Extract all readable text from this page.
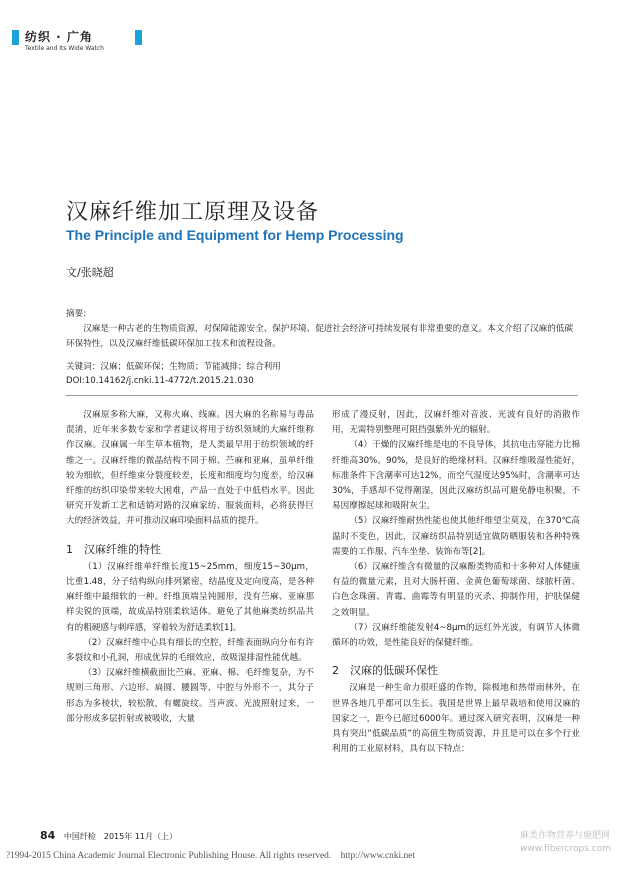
纺织 · 广角
Textile and Its Wide Watch
汉麻纤维加工原理及设备
The Principle and Equipment for Hemp Processing
文/张晓超
摘要:

汉麻是一种古老的生物质资源，对保障能源安全、保护环境、促进社会经济可持续发展有非常重要的意义。本文介绍了汉麻的低碳环保特性，以及汉麻纤维低碳环保加工技术和流程设备。

关键词：汉麻；低碳环保；生物质；节能减排；综合利用
DOI:10.14162/j.cnki.11-4772/t.2015.21.030

汉麻原多称大麻，又称火麻、线麻。因大麻的名称易与毒品混淆，近年来多数专家和学者建议将用于纺织领域的大麻纤维称作汉麻。汉麻属一年生草本植物，是人类最早用于纺织领域的纤维之一。汉麻纤维的微晶结构不同于棉、苎麻和亚麻，虽单纤维较为细软，但纤维束分裂度较差，长度和细度均匀度差，给汉麻纤维的纺织印染带来较大困难，产品一直处于中低档水平。因此研究开发新工艺和适销对路的汉麻家纺、服装面料，必将获得巨大的经济效益，并可推动汉麻印染面料品质的提升。

1　汉麻纤维的特性

（1）汉麻纤维单纤维长度15~25mm，细度15~30μm，比重1.48，分子结构纵向排列紧密，结晶度及定向度高，是各种麻纤维中最细软的一种。纤维顶端呈钝圆形，没有苎麻、亚麻那样尖锐的顶端，故成品特别柔软适体。避免了其他麻类纺织品共有的粗硬感与刺痒感，穿着较为舒适柔软[1]。

（2）汉麻纤维中心具有细长的空腔，纤维表面纵向分布有许多裂纹和小孔洞，形成优异的毛细效应，故吸湿排湿性能优越。

（3）汉麻纤维横截面比苎麻、亚麻、棉、毛纤维复杂，为不规则三角形、六边形、扁圆、腰圆等，中腔与外形不一，其分子形态为多棱状，较松散，有螺旋纹。当声波、光波照射过来，一部分形成多层折射或被吸收，大量

形成了漫反射，因此，汉麻纤维对音波、光波有良好的消散作用，无需特别整理可阻挡强紫外光的辐射。

（4）干燥的汉麻纤维是电的不良导体，其抗电击穿能力比棉纤维高30%。90%，是良好的绝缘材料。汉麻纤维吸湿性能好，标准条件下含潮率可达12%，而空气湿度达95%时，含潮率可达30%，手感却不觉得潮湿，因此汉麻纺织品可避免静电积聚，不易因摩擦起球和吸附灰尘。

（5）汉麻纤维耐热性能也使其他纤维望尘莫及，在370℃高温时不变色，因此，汉麻纺织品特别适宜做防晒服装和各种特殊需要的工作服、汽车坐垫、装饰布等[2]。

（6）汉麻纤维含有微量的汉麻酚类物质和十多种对人体健康有益的微量元素，且对大肠杆菌、金黄色葡萄球菌、绿脓杆菌、白色念珠菌、青霉、曲霉等有明显的灭杀、抑制作用，护肤保健之效明显。

（7）汉麻纤维能发射4~8μm的远红外光波，有调节人体微循环的功效，是性能良好的保健纤维。

2　汉麻的低碳环保性

汉麻是一种生命力很旺盛的作物，除极地和热带雨林外，在世界各地几乎都可以生长。我国是世界上最早栽培和使用汉麻的国家之一，距今已超过6000年。通过深入研究表明，汉麻是一种具有突出“低碳品质”的高值生物质资源，并且是可以在多个行业利用的工业原材料，具有以下特点：

84 中国纤检　2015年 11月（上）	麻类作物营养与施肥网
www.fibercrops.com
?1994-2015 China Academic Journal Electronic Publishing House. All rights reserved.　http://www.cnki.net
